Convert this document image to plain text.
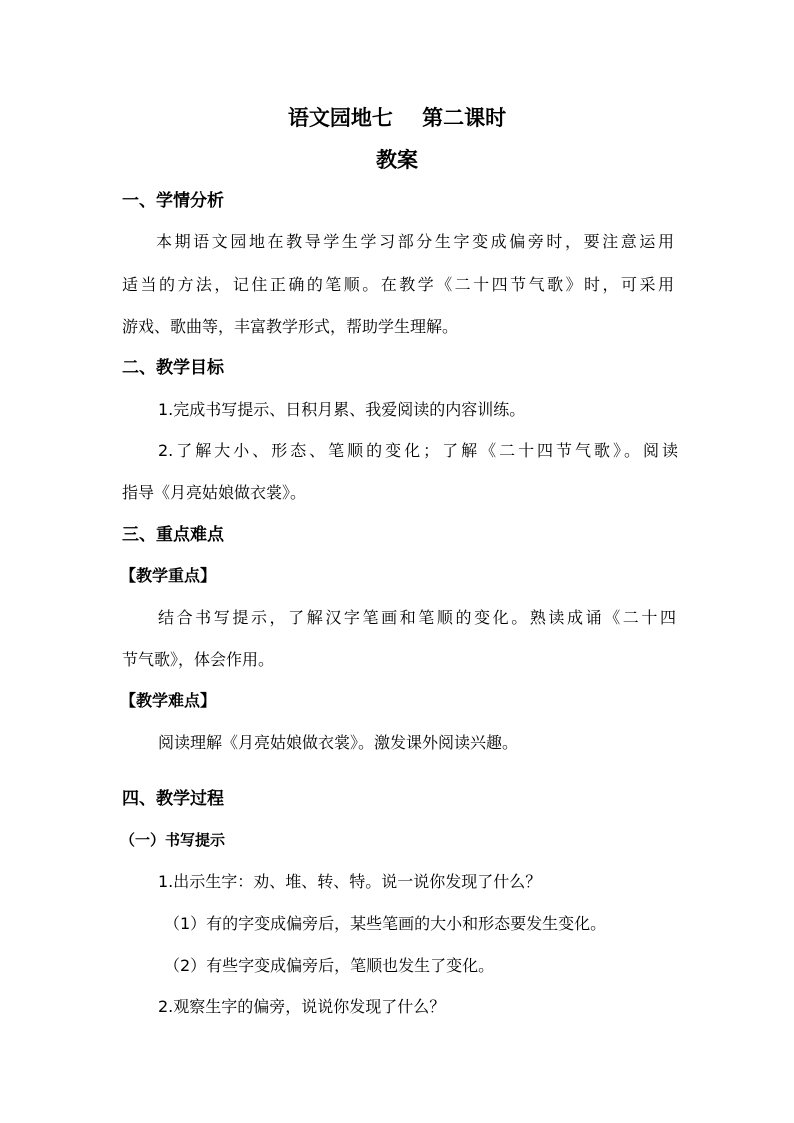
语文园地七    第二课时
教案
一、学情分析
本期语文园地在教导学生学习部分生字变成偏旁时，要注意运用
适当的方法，记住正确的笔顺。在教学《二十四节气歌》时，可采用
游戏、歌曲等，丰富教学形式，帮助学生理解。
二、教学目标
1.完成书写提示、日积月累、我爱阅读的内容训练。
2.了解大小、形态、笔顺的变化；了解《二十四节气歌》。阅读
指导《月亮姑娘做衣裳》。
三、重点难点
【教学重点】
结合书写提示，了解汉字笔画和笔顺的变化。熟读成诵《二十四
节气歌》，体会作用。
【教学难点】
阅读理解《月亮姑娘做衣裳》。激发课外阅读兴趣。
四、教学过程
（一）书写提示
1.出示生字：劝、堆、转、特。说一说你发现了什么？
（1）有的字变成偏旁后，某些笔画的大小和形态要发生变化。
（2）有些字变成偏旁后，笔顺也发生了变化。
2.观察生字的偏旁，说说你发现了什么？
